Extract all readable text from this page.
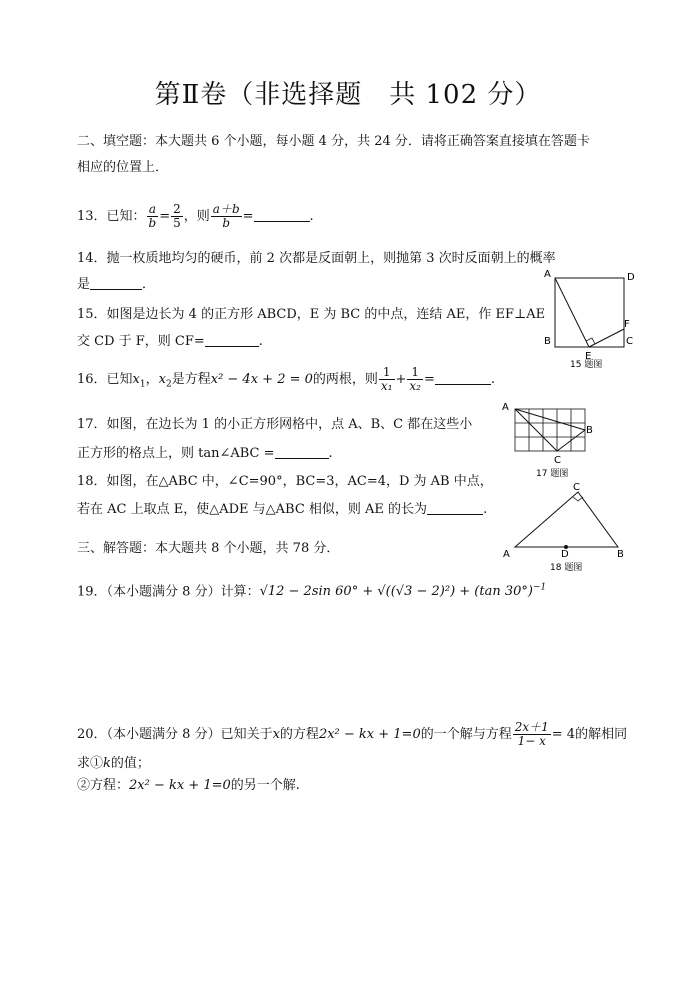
第Ⅱ卷（非选择题　共 102 分）
二、填空题：本大题共 6 个小题，每小题 4 分，共 24 分．请将正确答案直接填在答题卡
相应的位置上．
13．已知： $\frac{a}{b} = \frac{2}{5}$ ，则 $\frac{a+b}{b}$ =	.
14．抛一枚质地均匀的硬币，前 2 次都是反面朝上，则抛第 3 次时反面朝上的概率
是	．
15．如图是边长为 4 的正方形 ABCD，E 为 BC 的中点，连结 AE，作 EF⊥AE
交 CD 于 F，则 CF=	.
16．已知$x_1$，$x_2$是方程x² − 4x + 2 = 0的两根，则 $\frac{1}{\text{x₁}} + \frac{1}{\text{x₂}}$ =	.
17．如图，在边长为 1 的小正方形网格中，点 A、B、C 都在这些小
正方形的格点上，则 tan∠ABC =	.
18．如图，在△ABC 中，∠C=90°，BC=3，AC=4，D 为 AB 中点，
若在 AC 上取点 E，使△ADE 与△ABC 相似，则 AE 的长为	.
三、解答题：本大题共 8 个小题，共 78 分．
19．（本小题满分 8 分）计算：√12 − 2sin 60° + √((√3 − 2)²) + (tan 30°)$^{-1}$
20．（本小题满分 8 分）已知关于x的方程2x² − kx + 1=0的一个解与方程 $\frac{2x+1}{1- x} = 4$的解相同
求①k的值；
②方程：2x² − kx + 1=0的另一个解.
A	D
B	C
E
F
15 题图
A
B
C
17 题图
A	B
C
D
18 题图
